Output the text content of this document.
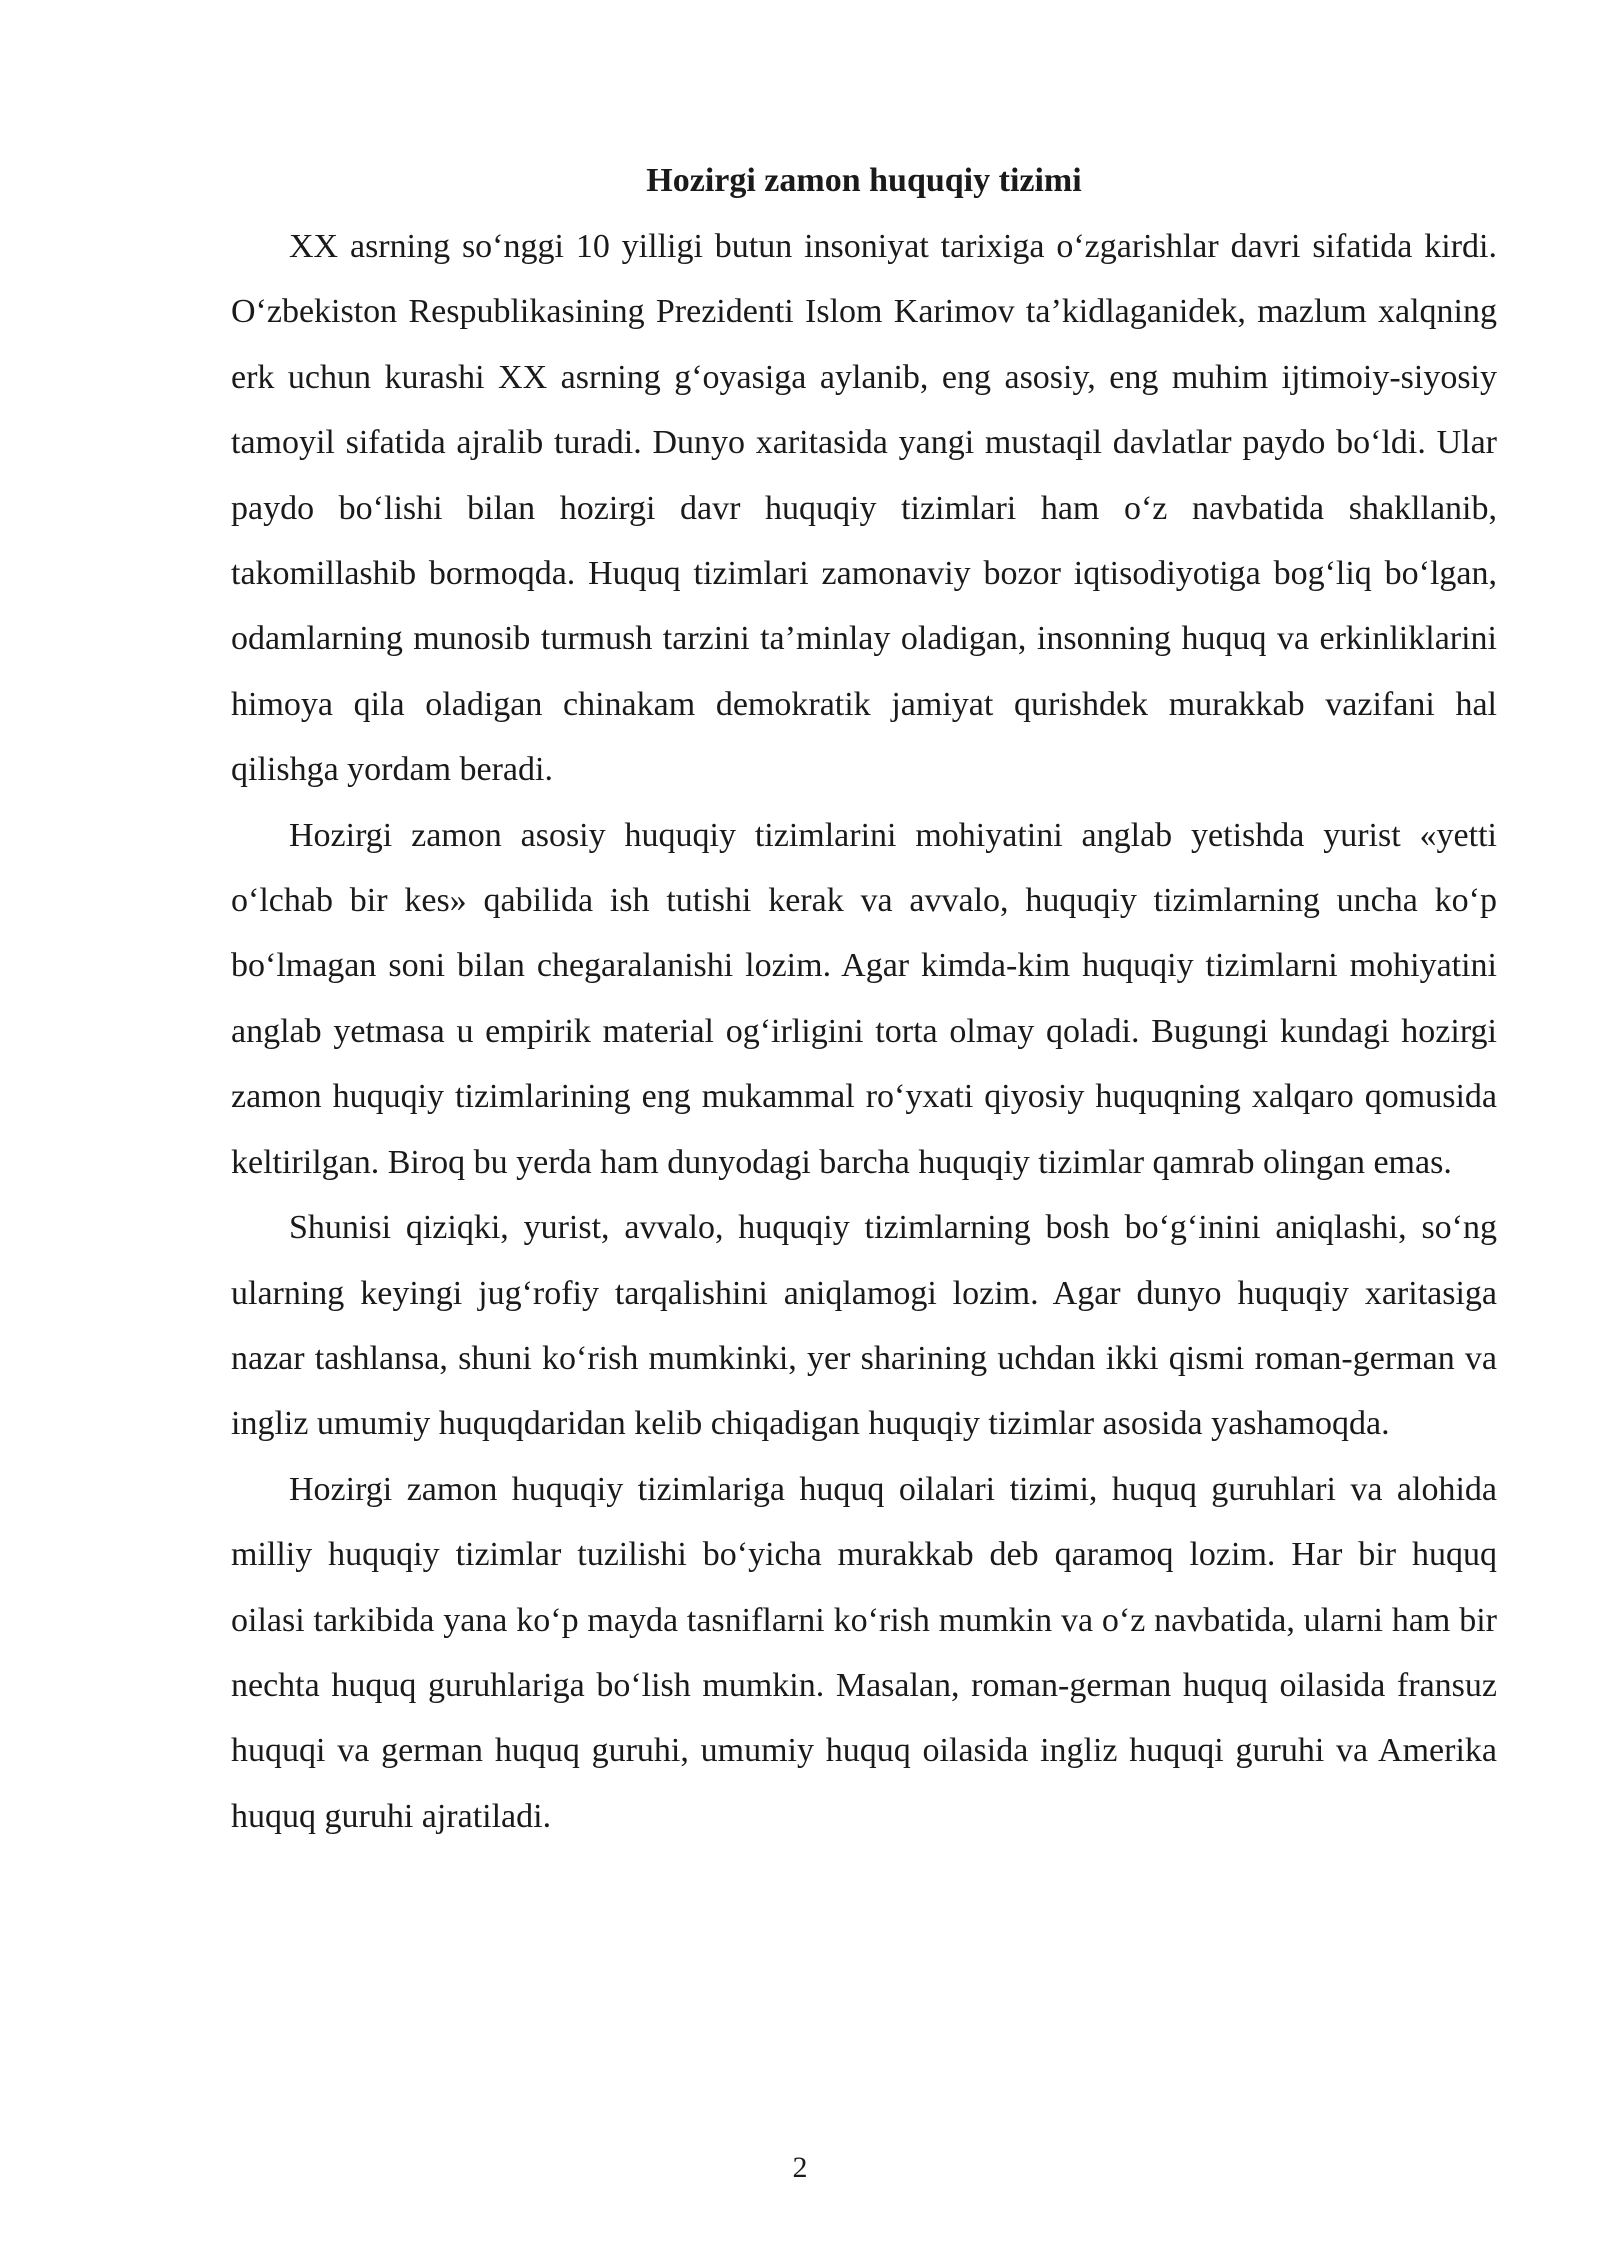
Hozirgi zamon huquqiy tizimi

XX asrning so‘nggi 10 yilligi butun insoniyat tarixiga o‘zgarishlar davri sifatida kirdi. O‘zbekiston Respublikasining Prezidenti Islom Karimov ta’kidlaganidek, mazlum xalqning erk uchun kurashi XX asrning g‘oyasiga aylanib, eng asosiy, eng muhim ijtimoiy-siyosiy tamoyil sifatida ajralib turadi. Dunyo xaritasida yangi mustaqil davlatlar paydo bo‘ldi. Ular paydo bo‘lishi bilan hozirgi davr huquqiy tizimlari ham o‘z navbatida shakllanib, takomillashib bormoqda. Huquq tizimlari zamonaviy bozor iqtisodiyotiga bog‘liq bo‘lgan, odamlarning munosib turmush tarzini ta’minlay oladigan, insonning huquq va erkinliklarini himoya qila oladigan chinakam demokratik jamiyat qurishdek murakkab vazifani hal qilishga yordam beradi.

Hozirgi zamon asosiy huquqiy tizimlarini mohiyatini anglab yetishda yurist «yetti o‘lchab bir kes» qabilida ish tutishi kerak va avvalo, huquqiy tizimlarning uncha ko‘p bo‘lmagan soni bilan chegaralanishi lozim. Agar kimda-kim huquqiy tizimlarni mohiyatini anglab yetmasa u empirik material og‘irligini torta olmay qoladi. Bugungi kundagi hozirgi zamon huquqiy tizimlarining eng mukammal ro‘yxati qiyosiy huquqning xalqaro qomusida keltirilgan. Biroq bu yerda ham dunyodagi barcha huquqiy tizimlar qamrab olingan emas.

Shunisi qiziqki, yurist, avvalo, huquqiy tizimlarning bosh bo‘g‘inini aniqlashi, so‘ng ularning keyingi jug‘rofiy tarqalishini aniqlamogi lozim. Agar dunyo huquqiy xaritasiga nazar tashlansa, shuni ko‘rish mumkinki, yer sharining uchdan ikki qismi roman-german va ingliz umumiy huquqdaridan kelib chiqadigan huquqiy tizimlar asosida yashamoqda.

Hozirgi zamon huquqiy tizimlariga huquq oilalari tizimi, huquq guruhlari va alohida milliy huquqiy tizimlar tuzilishi bo‘yicha murakkab deb qaramoq lozim. Har bir huquq oilasi tarkibida yana ko‘p mayda tasniflarni ko‘rish mumkin va o‘z navbatida, ularni ham bir nechta huquq guruhlariga bo‘lish mumkin. Masalan, roman-german huquq oilasida fransuz huquqi va german huquq guruhi, umumiy huquq oilasida ingliz huquqi guruhi va Amerika huquq guruhi ajratiladi.

2
